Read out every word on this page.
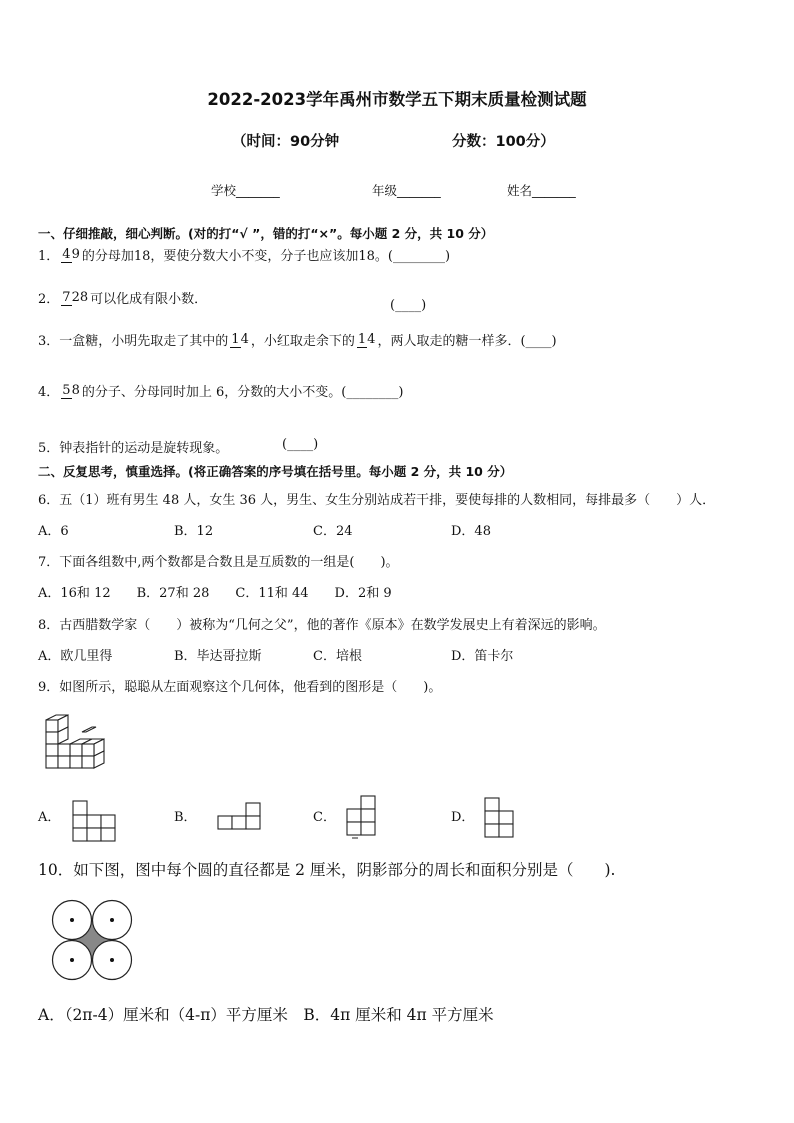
2022-2023学年禹州市数学五下期末质量检测试题
（时间：90分钟	分数：100分）
学校_______	年级_______	姓名_______
一、仔细推敲，细心判断。(对的打“√ ”，错的打“×”。每小题 2 分，共 10 分）
1． 49 的分母加18，要使分数大小不变，分子也应该加18。(________)
2． 728 可以化成有限小数．	(____)
3． 一盒糖，小明先取走了其中的 14 ，小红取走余下的 14 ，两人取走的糖一样多．(____)
4． 58 的分子、分母同时加上 6，分数的大小不变。(________)
5． 钟表指针的运动是旋转现象。	(____)
二、反复思考，慎重选择。(将正确答案的序号填在括号里。每小题 2 分，共 10 分）
6．五（1）班有男生 48 人，女生 36 人，男生、女生分别站成若干排，要使每排的人数相同，每排最多（　　）人．
A．6	B．12	C．24	D．48
7．下面各组数中,两个数都是合数且是互质数的一组是(　　)。
A．16和 12　　B．27和 28　　C．11和 44　　D．2和 9
8．古西腊数学家（　　）被称为“几何之父”，他的著作《原本》在数学发展史上有着深远的影响。
A．欧几里得	B．毕达哥拉斯	C．培根	D．笛卡尔
9．如图所示，聪聪从左面观察这个几何体，他看到的图形是（　　)。
A．	B．	C．	D．
10．如下图，图中每个圆的直径都是 2 厘米，阴影部分的周长和面积分别是（　　).
A．（2π-4）厘米和（4-π）平方厘米　B．4π 厘米和 4π 平方厘米
